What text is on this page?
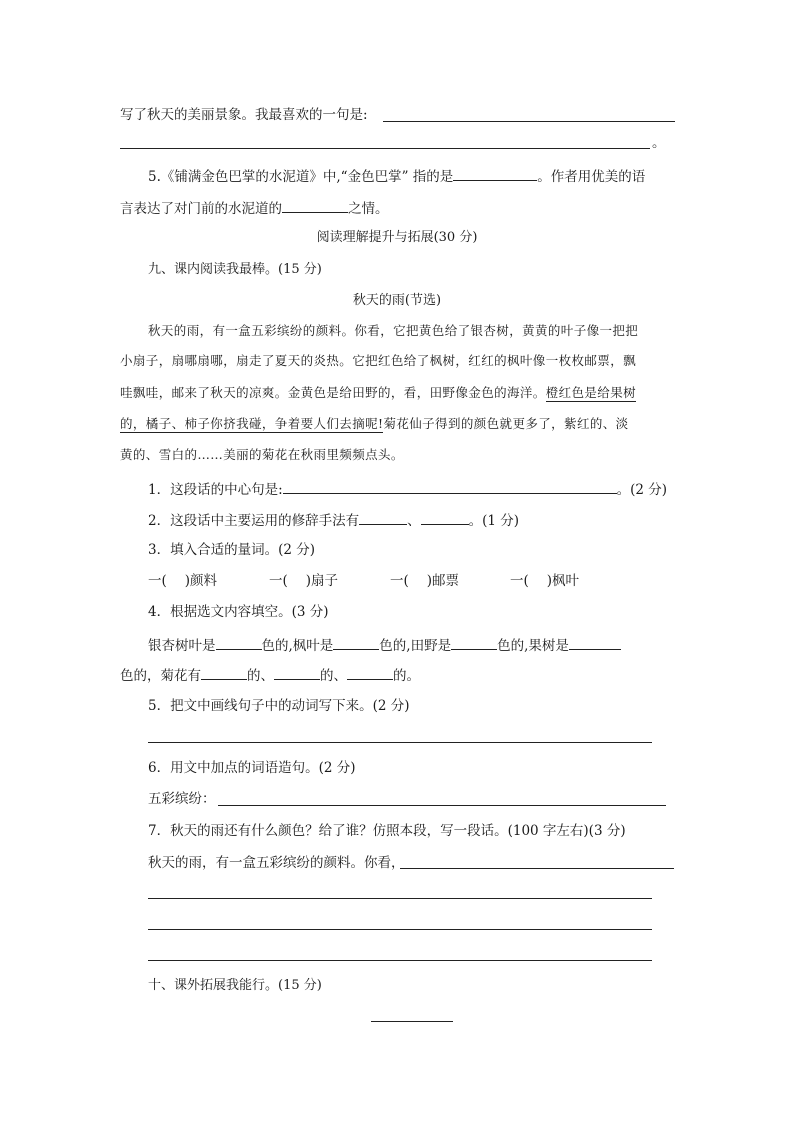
写了秋天的美丽景象。我最喜欢的一句是:
。
5.《铺满金色巴掌的水泥道》中,“金色巴掌” 指的是	。作者用优美的语
言表达了对门前的水泥道的	之情。
阅读理解提升与拓展(30 分)
九、课内阅读我最棒。(15 分)
秋天的雨(节选)
秋天的雨，有一盒五彩缤纷的颜料。你看，它把黄色给了银杏树，黄黄的叶子像一把把
小扇子，扇哪扇哪，扇走了夏天的炎热。它把红色给了枫树，红红的枫叶像一枚枚邮票，飘
哇飘哇，邮来了秋天的凉爽。金黄色是给田野的，看，田野像金色的海洋。橙红色是给果树
的，橘子、柿子你挤我碰，争着要人们去摘呢!菊花仙子得到的颜色就更多了，紫红的、淡
黄的、雪白的……美丽的菊花在秋雨里频频点头。
1．这段话的中心句是:	。(2 分)
2．这段话中主要运用的修辞手法有	、	。(1 分)
3．填入合适的量词。(2 分)
一( )颜料	一( )扇子	一( )邮票	一( )枫叶
4．根据选文内容填空。(3 分)
银杏树叶是	色的,枫叶是	色的,田野是	色的,果树是
色的，菊花有	的、	的、	的。
5．把文中画线句子中的动词写下来。(2 分)
6．用文中加点的词语造句。(2 分)
五彩缤纷：
7．秋天的雨还有什么颜色？给了谁？仿照本段，写一段话。(100 字左右)(3 分)
秋天的雨，有一盒五彩缤纷的颜料。你看，
十、课外拓展我能行。(15 分)
